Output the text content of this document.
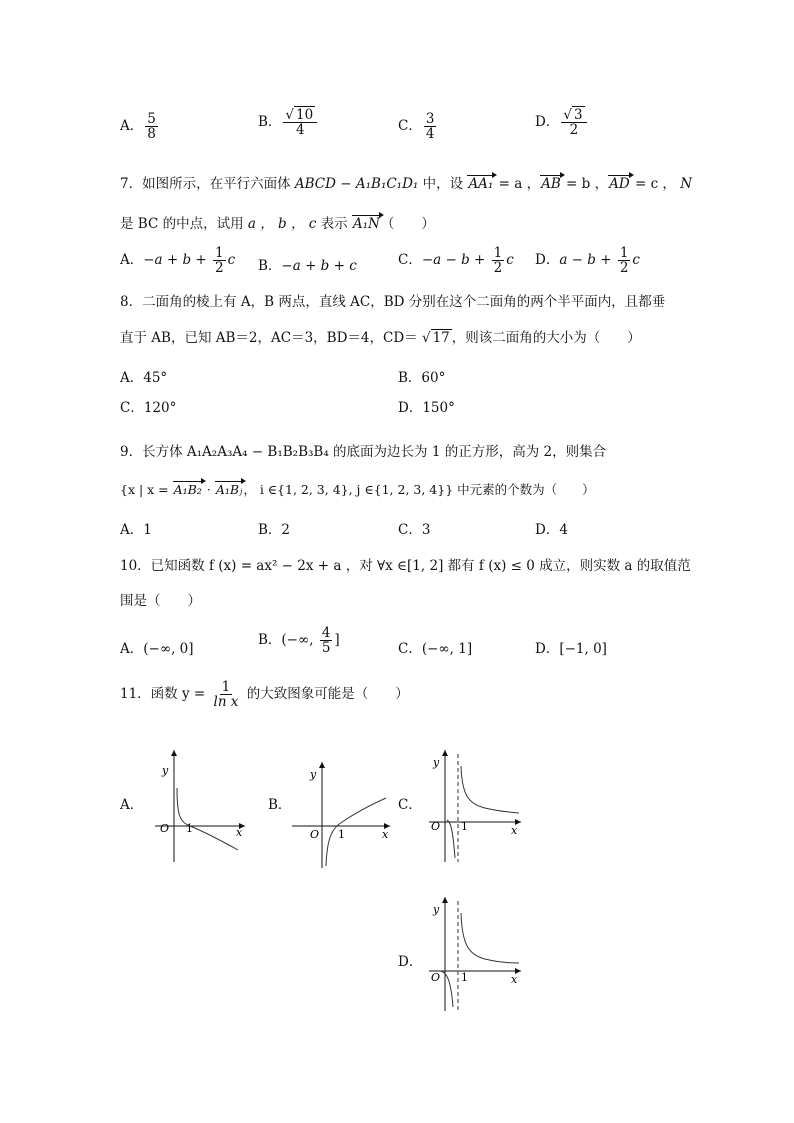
A． $\frac{5}{8}$	B． $\frac{√ 10}{4}$	C． $\frac{3}{4}$	D． $\frac{√ 3}{2}$
7．如图所示，在平行六面体 ABCD − A₁B₁C₁D₁ 中，设 AA₁ = a ，AB = b ，AD = c ， N
是 BC 的中点，试用 a ， b ， c 表示 A₁N（　　）
A．$-a + b + \frac{1}{2}$ c B．−a + b + c	C．$-a - b + \frac{1}{2}$ c D．$a - b + \frac{1}{2}$ c
8．二面角的棱上有 A，B 两点，直线 AC，BD 分别在这个二面角的两个半平面内，且都垂
直于 AB，已知 AB＝2，AC＝3，BD＝4，CD＝ √ 17 ，则该二面角的大小为（　　）
A．45°	B．60°
C．120°	D．150°
9．长方体 A₁A₂A₃A₄ − B₁B₂B₃B₄ 的底面为边长为 1 的正方形，高为 2，则集合
{x | x = A₁B₂ · A₁Bⱼ， i ∈{1, 2, 3, 4}, j ∈{1, 2, 3, 4}} 中元素的个数为（　　）
A．1	B．2	C．3	D．4
10．已知函数 f (x) = ax² − 2x + a ，对 ∀x ∈[1, 2] 都有 f (x) ≤ 0 成立，则实数 a 的取值范
围是（　　）
A．(−∞, 0]
B．(−∞, $\frac{4}{5}$ ]
C．(−∞, 1]	D．[−1, 0]
11．函数 $y = \frac{1}{\text{ln x}}$ 的大致图象可能是（　　）
A．
y
O 1	x
B．
y
O 1	x
C．
y
O 1	x
D．
y
O 1	x
